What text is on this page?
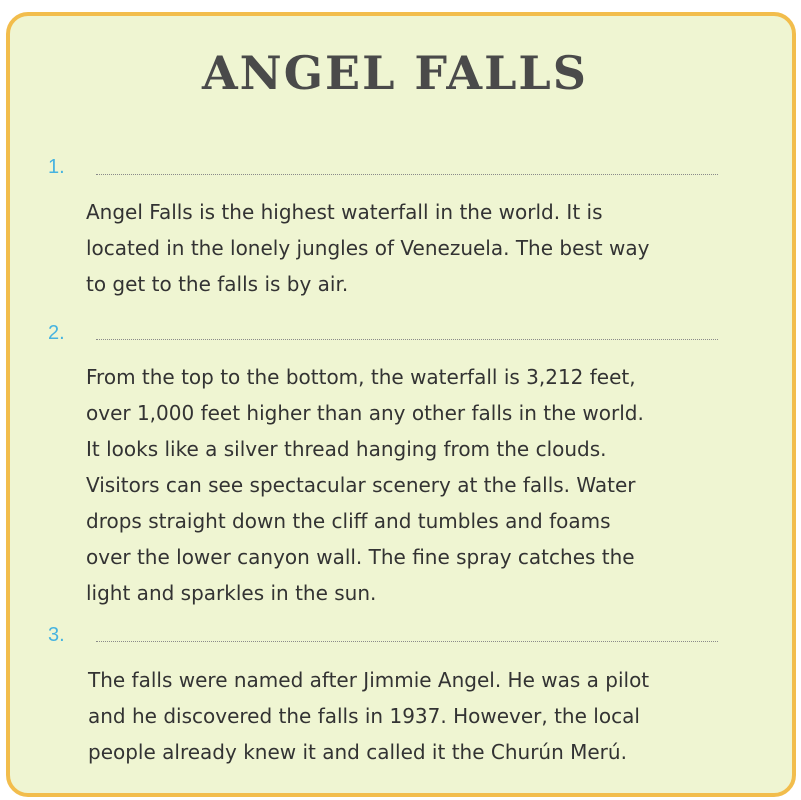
ANGEL FALLS
1.
Angel Falls is the highest waterfall in the world. It is
located in the lonely jungles of Venezuela. The best way
to get to the falls is by air.
2.
From the top to the bottom, the waterfall is 3,212 feet,
over 1,000 feet higher than any other falls in the world.
It looks like a silver thread hanging from the clouds.
Visitors can see spectacular scenery at the falls. Water
drops straight down the cliff and tumbles and foams
over the lower canyon wall. The fine spray catches the
light and sparkles in the sun.
3.
The falls were named after Jimmie Angel. He was a pilot
and he discovered the falls in 1937. However, the local
people already knew it and called it the Churún Merú.
